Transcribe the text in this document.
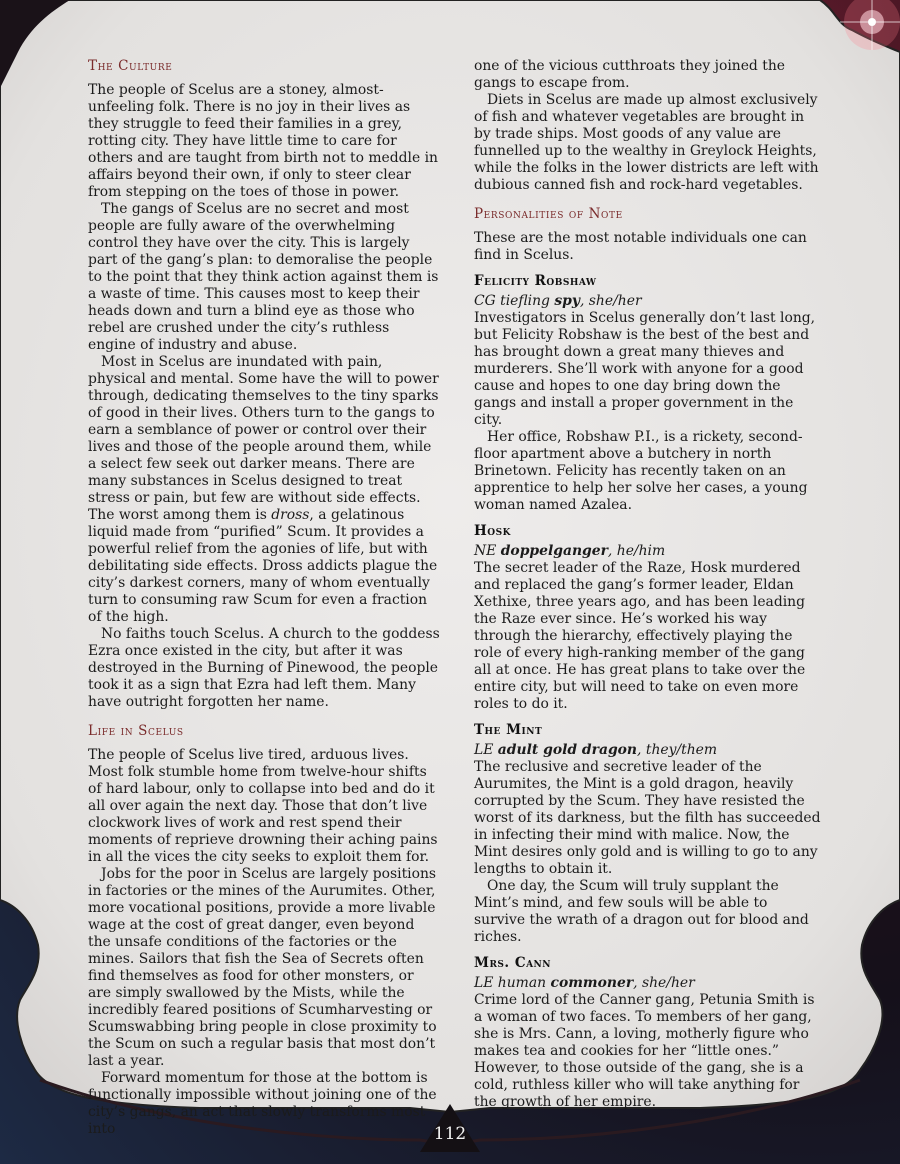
The Culture

The people of Scelus are a stoney, almost-unfeeling folk. There is no joy in their lives as they struggle to feed their families in a grey, rotting city. They have little time to care for others and are taught from birth not to meddle in affairs beyond their own, if only to steer clear from stepping on the toes of those in power.

The gangs of Scelus are no secret and most people are fully aware of the overwhelming control they have over the city. This is largely part of the gang’s plan: to demoralise the people to the point that they think action against them is a waste of time. This causes most to keep their heads down and turn a blind eye as those who rebel are crushed under the city’s ruthless engine of industry and abuse.

Most in Scelus are inundated with pain, physical and mental. Some have the will to power through, dedicating themselves to the tiny sparks of good in their lives. Others turn to the gangs to earn a semblance of power or control over their lives and those of the people around them, while a select few seek out darker means. There are many substances in Scelus designed to treat stress or pain, but few are without side effects. The worst among them is dross, a gelatinous liquid made from “purified” Scum. It provides a powerful relief from the agonies of life, but with debilitating side effects. Dross addicts plague the city’s darkest corners, many of whom eventually turn to consuming raw Scum for even a fraction of the high.

No faiths touch Scelus. A church to the goddess Ezra once existed in the city, but after it was destroyed in the Burning of Pinewood, the people took it as a sign that Ezra had left them. Many have outright forgotten her name.

Life in Scelus

The people of Scelus live tired, arduous lives. Most folk stumble home from twelve-hour shifts of hard labour, only to collapse into bed and do it all over again the next day. Those that don’t live clockwork lives of work and rest spend their moments of reprieve drowning their aching pains in all the vices the city seeks to exploit them for.

Jobs for the poor in Scelus are largely positions in factories or the mines of the Aurumites. Other, more vocational positions, provide a more livable wage at the cost of great danger, even beyond the unsafe conditions of the factories or the mines. Sailors that fish the Sea of Secrets often find themselves as food for other monsters, or are simply swallowed by the Mists, while the incredibly feared positions of Scumharvesting or Scumswabbing bring people in close proximity to the Scum on such a regular basis that most don’t last a year.

Forward momentum for those at the bottom is functionally impossible without joining one of the city’s gangs, an act that slowly transforms most into

one of the vicious cutthroats they joined the gangs to escape from.

Diets in Scelus are made up almost exclusively of fish and whatever vegetables are brought in by trade ships. Most goods of any value are funnelled up to the wealthy in Greylock Heights, while the folks in the lower districts are left with dubious canned fish and rock-hard vegetables.

Personalities of Note

These are the most notable individuals one can find in Scelus.

Felicity Robshaw

CG tiefling spy, she/her

Investigators in Scelus generally don’t last long, but Felicity Robshaw is the best of the best and has brought down a great many thieves and murderers. She’ll work with anyone for a good cause and hopes to one day bring down the gangs and install a proper government in the city.

Her office, Robshaw P.I., is a rickety, second-floor apartment above a butchery in north Brinetown. Felicity has recently taken on an apprentice to help her solve her cases, a young woman named Azalea.

Hosk

NE doppelganger, he/him

The secret leader of the Raze, Hosk murdered and replaced the gang’s former leader, Eldan Xethixe, three years ago, and has been leading the Raze ever since. He’s worked his way through the hierarchy, effectively playing the role of every high-ranking member of the gang all at once. He has great plans to take over the entire city, but will need to take on even more roles to do it.

The Mint

LE adult gold dragon, they/them

The reclusive and secretive leader of the Aurumites, the Mint is a gold dragon, heavily corrupted by the Scum. They have resisted the worst of its darkness, but the filth has succeeded in infecting their mind with malice. Now, the Mint desires only gold and is willing to go to any lengths to obtain it.

One day, the Scum will truly supplant the Mint’s mind, and few souls will be able to survive the wrath of a dragon out for blood and riches.

Mrs. Cann

LE human commoner, she/her

Crime lord of the Canner gang, Petunia Smith is a woman of two faces. To members of her gang, she is Mrs. Cann, a loving, motherly figure who makes tea and cookies for her “little ones.” However, to those outside of the gang, she is a cold, ruthless killer who will take anything for the growth of her empire.

112
